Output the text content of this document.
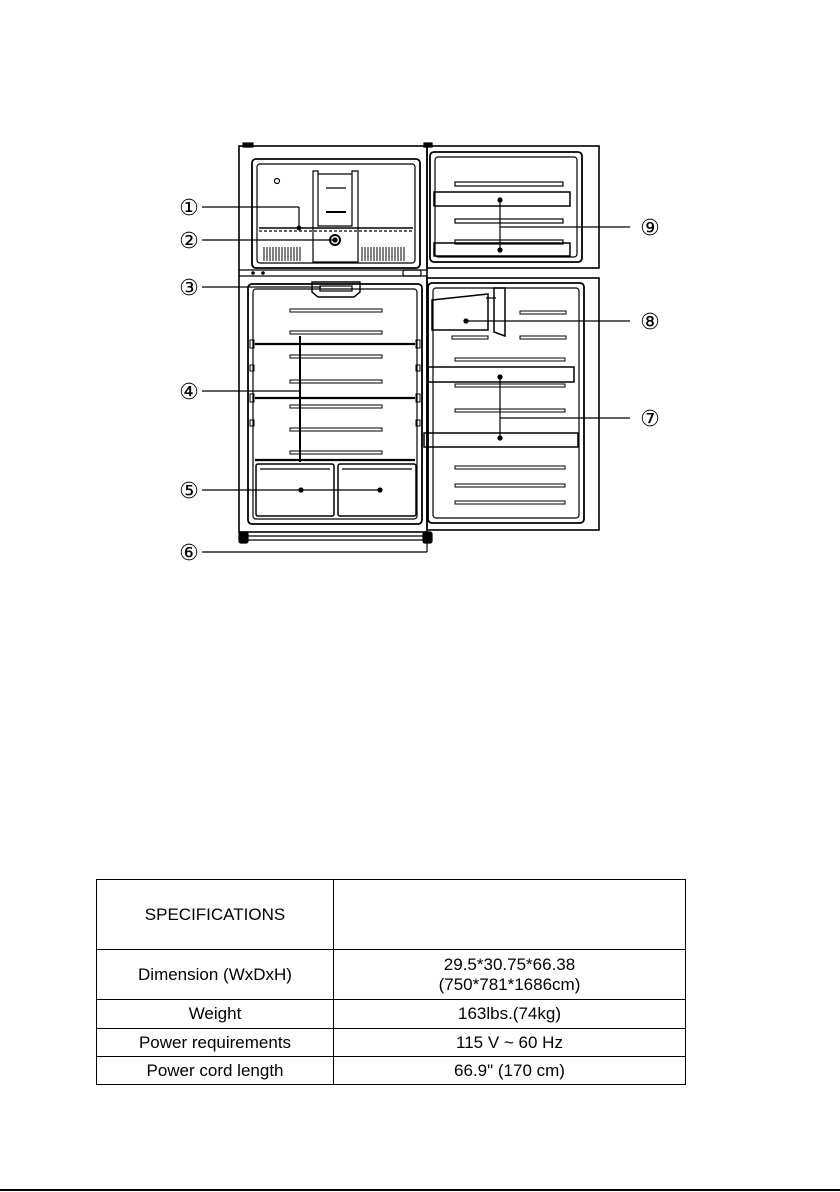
①
②
③
④
⑤
⑥
⑦
⑧
⑨
SPECIFICATIONS	
Dimension (WxDxH)	29.5*30.75*66.38
(750*781*1686cm)

Weight	163lbs.(74kg)
Power requirements	115 V ~ 60 Hz
Power cord length	66.9" (170 cm)
